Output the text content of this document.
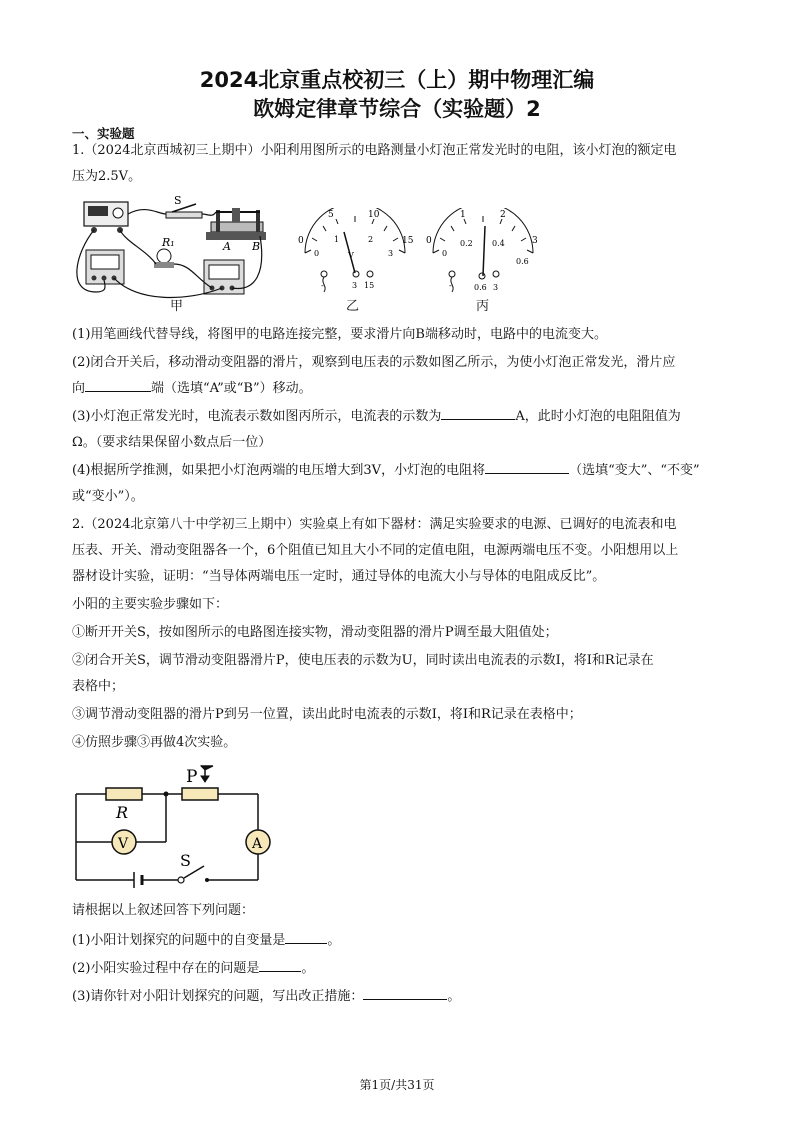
2024北京重点校初三（上）期中物理汇编
欧姆定律章节综合（实验题）2
一、实验题
1.（2024北京西城初三上期中）小阳利用图所示的电路测量小灯泡正常发光时的电阻，该小灯泡的额定电
压为2.5V。
S
A B
R₁
甲
0
5	10
15
0
1	2
3
V
-	3 15
乙
0
1	2
3
0
0.2 0.4
0.6
-	0.6 3
丙
(1)用笔画线代替导线，将图甲的电路连接完整，要求滑片向B端移动时，电路中的电流变大。
(2)闭合开关后，移动滑动变阻器的滑片，观察到电压表的示数如图乙所示，为使小灯泡正常发光，滑片应
向	端（选填“A”或“B”）移动。
(3)小灯泡正常发光时，电流表示数如图丙所示，电流表的示数为	A，此时小灯泡的电阻阻值为
Ω。（要求结果保留小数点后一位）
(4)根据所学推测，如果把小灯泡两端的电压增大到3V，小灯泡的电阻将	（选填“变大”、“不变”
或“变小”）。
2.（2024北京第八十中学初三上期中）实验桌上有如下器材：满足实验要求的电源、已调好的电流表和电
压表、开关、滑动变阻器各一个，6个阻值已知且大小不同的定值电阻，电源两端电压不变。小阳想用以上
器材设计实验，证明：“当导体两端电压一定时，通过导体的电流大小与导体的电阻成反比”。
小阳的主要实验步骤如下：
①断开开关S，按如图所示的电路图连接实物，滑动变阻器的滑片P调至最大阻值处；
②闭合开关S，调节滑动变阻器滑片P，使电压表的示数为U，同时读出电流表的示数I，将I和R记录在
表格中；
③调节滑动变阻器的滑片P到另一位置，读出此时电流表的示数I，将I和R记录在表格中；
④仿照步骤③再做4次实验。
P
R
V	A
S
请根据以上叙述回答下列问题：
(1)小阳计划探究的问题中的自变量是	。
(2)小阳实验过程中存在的问题是	。
(3)请你针对小阳计划探究的问题，写出改正措施：	。
第1页/共31页
